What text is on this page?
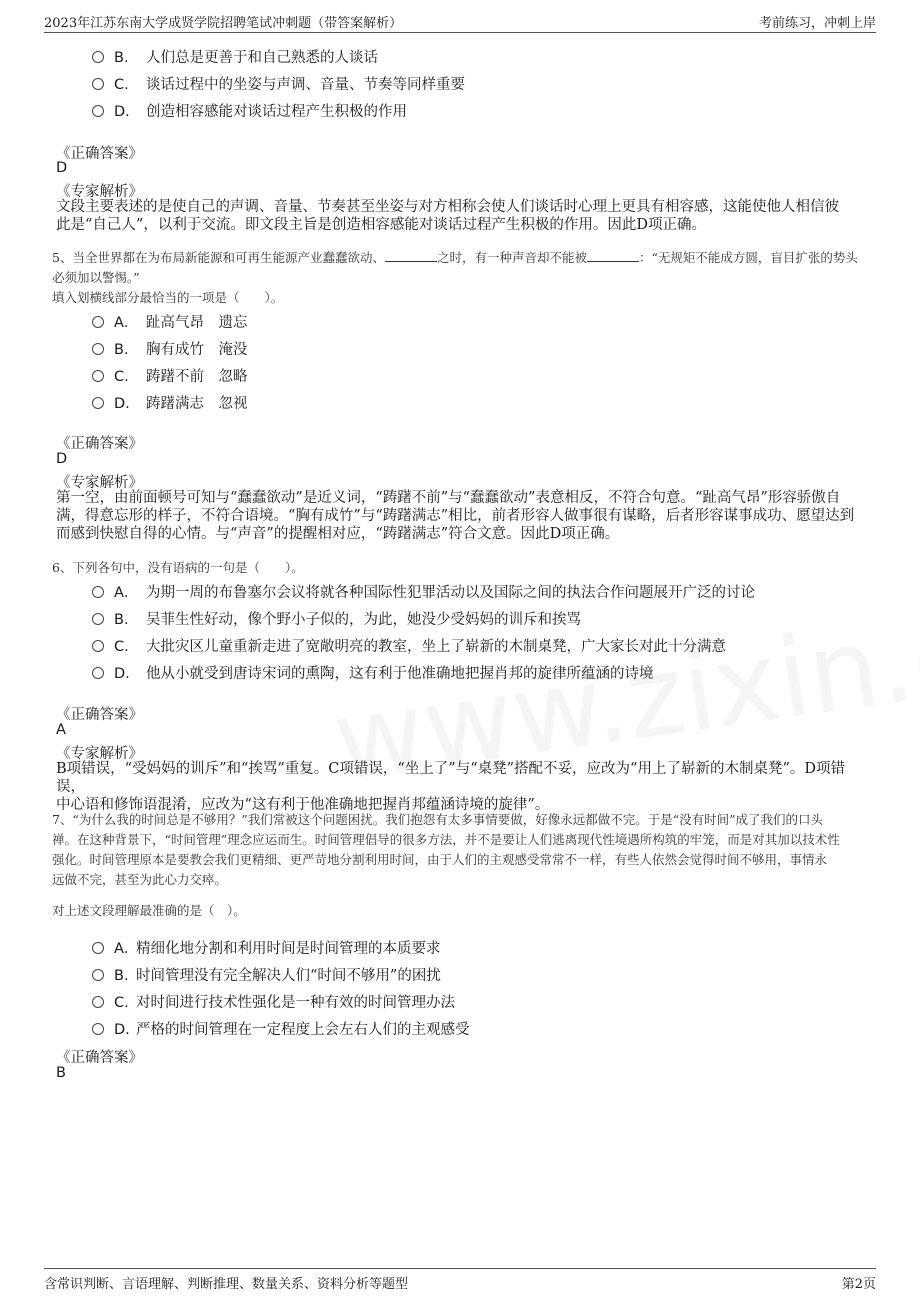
2023年江苏东南大学成贤学院招聘笔试冲刺题（带答案解析）	考前练习，冲刺上岸
B. 人们总是更善于和自己熟悉的人谈话
C. 谈话过程中的坐姿与声调、音量、节奏等同样重要
D. 创造相容感能对谈话过程产生积极的作用
《正确答案》
D
《专家解析》
文段主要表述的是使自己的声调、音量、节奏甚至坐姿与对方相称会使人们谈话时心理上更具有相容感，这能使他人相信彼
此是“自己人”，以利于交流。即文段主旨是创造相容感能对谈话过程产生积极的作用。因此D项正确。
5、当全世界都在为布局新能源和可再生能源产业蠢蠢欲动、	之时，有一种声音却不能被	：“无规矩不能成方圆，盲目扩张的势头
必须加以警惕。”
填入划横线部分最恰当的一项是（　　）。
A． 趾高气昂　遗忘
B. 胸有成竹　淹没
C. 踌躇不前　忽略
D. 踌躇满志　忽视
《正确答案》
D
《专家解析》
第一空，由前面顿号可知与“蠢蠢欲动”是近义词，“踌躇不前”与“蠢蠢欲动”表意相反，不符合句意。“趾高气昂”形容骄傲自
满，得意忘形的样子，不符合语境。“胸有成竹”与“踌躇满志”相比，前者形容人做事很有谋略，后者形容谋事成功、愿望达到
而感到快慰自得的心情。与“声音”的提醒相对应，“踌躇满志”符合文意。因此D项正确。
6、下列各句中，没有语病的一句是（　　）。
A． 为期一周的布鲁塞尔会议将就各种国际性犯罪活动以及国际之间的执法合作问题展开广泛的讨论
B. 吴菲生性好动，像个野小子似的，为此，她没少受妈妈的训斥和挨骂
C. 大批灾区儿童重新走进了宽敞明亮的教室，坐上了崭新的木制桌凳，广大家长对此十分满意
D. 他从小就受到唐诗宋词的熏陶，这有利于他准确地把握肖邦的旋律所蕴涵的诗境
《正确答案》
A
《专家解析》
B项错误，“受妈妈的训斥”和“挨骂”重复。C项错误，“坐上了”与“桌凳”搭配不妥，应改为“用上了崭新的木制桌凳”。D项错误，
中心语和修饰语混淆，应改为“这有利于他准确地把握肖邦蕴涵诗境的旋律”。
7、“为什么我的时间总是不够用？”我们常被这个问题困扰。我们抱怨有太多事情要做，好像永远都做不完。于是“没有时间”成了我们的口头
禅。在这种背景下，“时间管理”理念应运而生。时间管理倡导的很多方法，并不是要让人们逃离现代性境遇所构筑的牢笼，而是对其加以技术性
强化。时间管理原本是要教会我们更精细、更严苛地分割利用时间，由于人们的主观感受常常不一样，有些人依然会觉得时间不够用，事情永
远做不完，甚至为此心力交瘁。
对上述文段理解最准确的是（　）。
A．精细化地分割和利用时间是时间管理的本质要求
B. 时间管理没有完全解决人们“时间不够用”的困扰
C. 对时间进行技术性强化是一种有效的时间管理办法
D. 严格的时间管理在一定程度上会左右人们的主观感受
《正确答案》
B
含常识判断、言语理解、判断推理、数量关系、资料分析等题型	第2页
